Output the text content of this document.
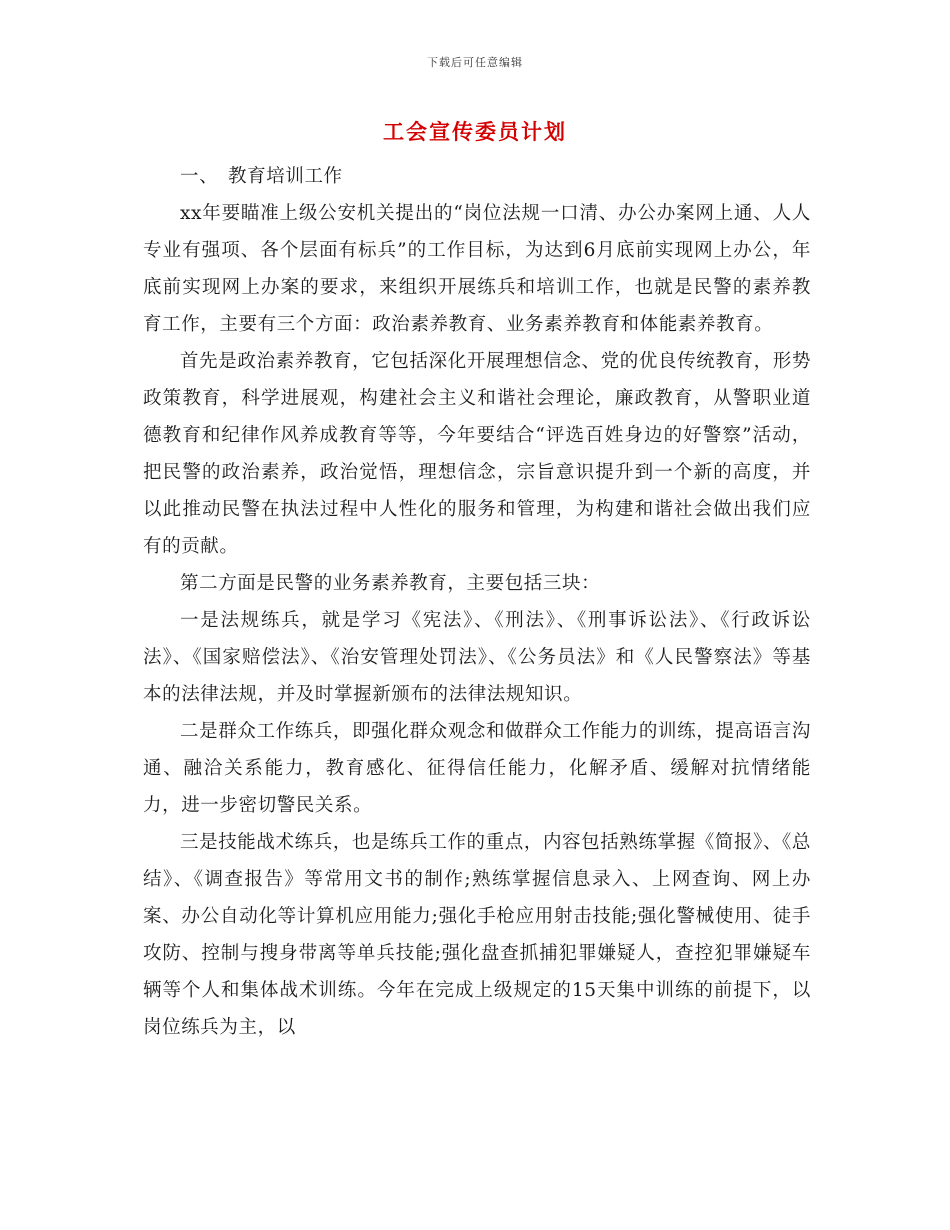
下载后可任意编辑
工会宣传委员计划

一、　教育培训工作

xx年要瞄准上级公安机关提出的“岗位法规一口清、办公办案网上通、人人专业有强项、各个层面有标兵”的工作目标，为达到6月底前实现网上办公，年底前实现网上办案的要求，来组织开展练兵和培训工作，也就是民警的素养教育工作，主要有三个方面：政治素养教育、业务素养教育和体能素养教育。

首先是政治素养教育，它包括深化开展理想信念、党的优良传统教育，形势政策教育，科学进展观，构建社会主义和谐社会理论，廉政教育，从警职业道德教育和纪律作风养成教育等等，今年要结合“评选百姓身边的好警察”活动，把民警的政治素养，政治觉悟，理想信念，宗旨意识提升到一个新的高度，并以此推动民警在执法过程中人性化的服务和管理，为构建和谐社会做出我们应有的贡献。

第二方面是民警的业务素养教育，主要包括三块：

一是法规练兵，就是学习《宪法》、《刑法》、《刑事诉讼法》、《行政诉讼法》、《国家赔偿法》、《治安管理处罚法》、《公务员法》和《人民警察法》等基本的法律法规，并及时掌握新颁布的法律法规知识。

二是群众工作练兵，即强化群众观念和做群众工作能力的训练，提高语言沟通、融洽关系能力，教育感化、征得信任能力，化解矛盾、缓解对抗情绪能力，进一步密切警民关系。

三是技能战术练兵，也是练兵工作的重点，内容包括熟练掌握《简报》、《总结》、《调查报告》等常用文书的制作;熟练掌握信息录入、上网查询、网上办案、办公自动化等计算机应用能力;强化手枪应用射击技能;强化警械使用、徒手攻防、控制与搜身带离等单兵技能;强化盘查抓捕犯罪嫌疑人，查控犯罪嫌疑车辆等个人和集体战术训练。今年在完成上级规定的15天集中训练的前提下，以岗位练兵为主，以
